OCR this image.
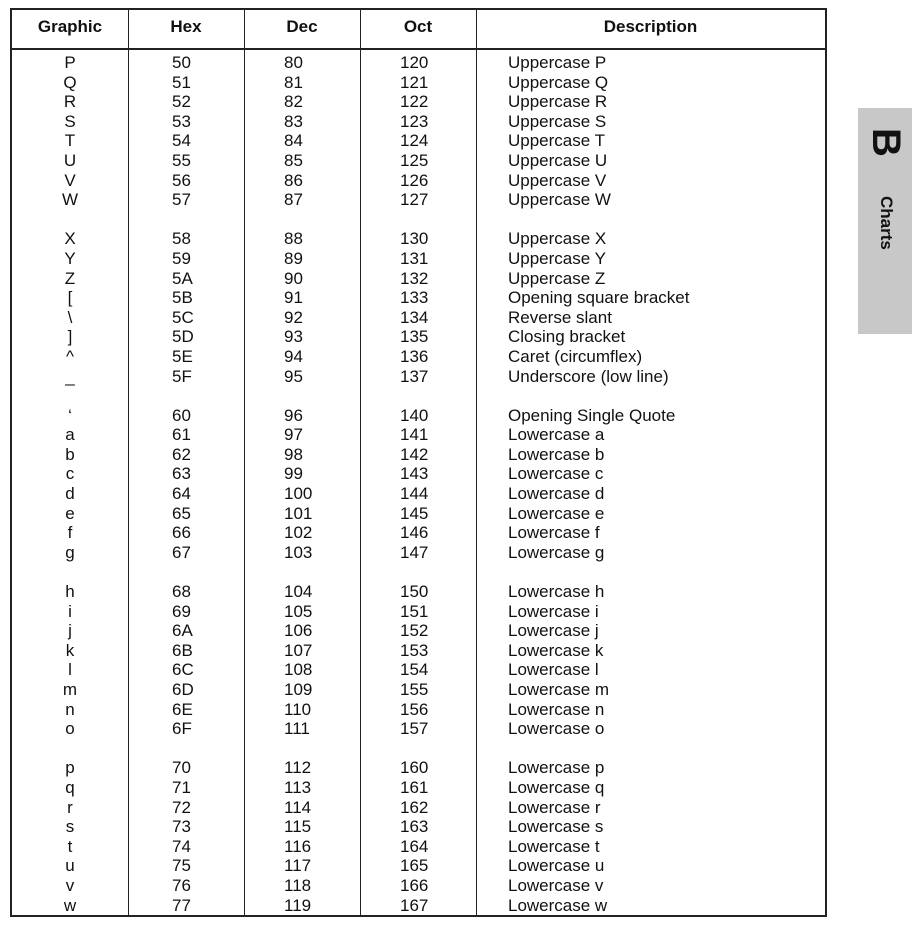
Graphic	Hex	Dec	Oct	Description
P	50	80	120	Uppercase P
Q	51	81	121	Uppercase Q
R	52	82	122	Uppercase R
S	53	83	123	Uppercase S
T	54	84	124	Uppercase T
U	55	85	125	Uppercase U
V	56	86	126	Uppercase V
W	57	87	127	Uppercase W
X	58	88	130	Uppercase X
Y	59	89	131	Uppercase Y
Z	5A	90	132	Uppercase Z
[	5B	91	133	Opening square bracket
\	5C	92	134	Reverse slant
]	5D	93	135	Closing bracket
^	5E	94	136	Caret (circumflex)
_	5F	95	137	Underscore (low line)
‘	60	96	140	Opening Single Quote
a	61	97	141	Lowercase a
b	62	98	142	Lowercase b
c	63	99	143	Lowercase c
d	64	100	144	Lowercase d
e	65	101	145	Lowercase e
f	66	102	146	Lowercase f
g	67	103	147	Lowercase g
h	68	104	150	Lowercase h
i	69	105	151	Lowercase i
j	6A	106	152	Lowercase j
k	6B	107	153	Lowercase k
l	6C	108	154	Lowercase l
m	6D	109	155	Lowercase m
n	6E	110	156	Lowercase n
o	6F	111	157	Lowercase o
p	70	112	160	Lowercase p
q	71	113	161	Lowercase q
r	72	114	162	Lowercase r
s	73	115	163	Lowercase s
t	74	116	164	Lowercase t
u	75	117	165	Lowercase u
v	76	118	166	Lowercase v
w	77	119	167	Lowercase w
B
Charts
